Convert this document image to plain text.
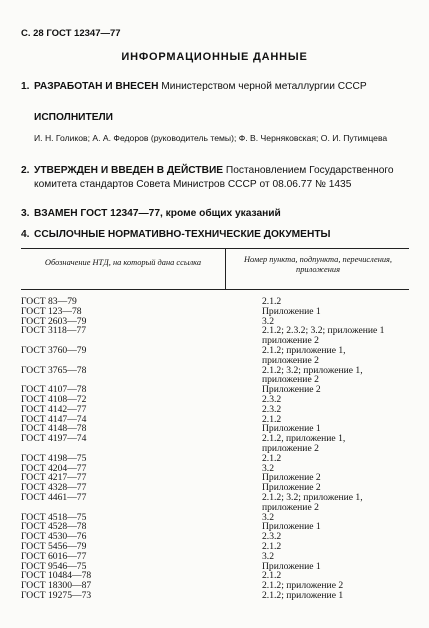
С. 28 ГОСТ 12347—77
ИНФОРМАЦИОННЫЕ ДАННЫЕ
1. РАЗРАБОТАН И ВНЕСЕН Министерством черной металлургии СССР
ИСПОЛНИТЕЛИ
И. Н. Голиков; А. А. Федоров (руководитель темы); Ф. В. Черняковская; О. И. Путимцева
2. УТВЕРЖДЕН И ВВЕДЕН В ДЕЙСТВИЕ Постановлением Государственного комитета стандартов Совета Министров СССР от 08.06.77 № 1435
3. ВЗАМЕН ГОСТ 12347—77, кроме общих указаний
4. ССЫЛОЧНЫЕ НОРМАТИВНО-ТЕХНИЧЕСКИЕ ДОКУМЕНТЫ
Обозначение НТД, на который дана ссылка	Номер пункта, подпункта, перечисления, приложения
ГОСТ 83—79	2.1.2
ГОСТ 123—78	Приложение 1
ГОСТ 2603—79	3.2
ГОСТ 3118—77	2.1.2; 2.3.2; 3.2; приложение 1
приложение 2
ГОСТ 3760—79	2.1.2; приложение 1,
приложение 2
ГОСТ 3765—78	2.1.2; 3.2; приложение 1,
приложение 2
ГОСТ 4107—78	Приложение 2
ГОСТ 4108—72	2.3.2
ГОСТ 4142—77	2.3.2
ГОСТ 4147—74	2.1.2
ГОСТ 4148—78	Приложение 1
ГОСТ 4197—74	2.1.2, приложение 1,
приложение 2
ГОСТ 4198—75	2.1.2
ГОСТ 4204—77	3.2
ГОСТ 4217—77	Приложение 2
ГОСТ 4328—77	Приложение 2
ГОСТ 4461—77	2.1.2; 3.2; приложение 1,
приложение 2
ГОСТ 4518—75	3.2
ГОСТ 4528—78	Приложение 1
ГОСТ 4530—76	2.3.2
ГОСТ 5456—79	2.1.2
ГОСТ 6016—77	3.2
ГОСТ 9546—75	Приложение 1
ГОСТ 10484—78	2.1.2
ГОСТ 18300—87	2.1.2; приложение 2
ГОСТ 19275—73	2.1.2; приложение 1
